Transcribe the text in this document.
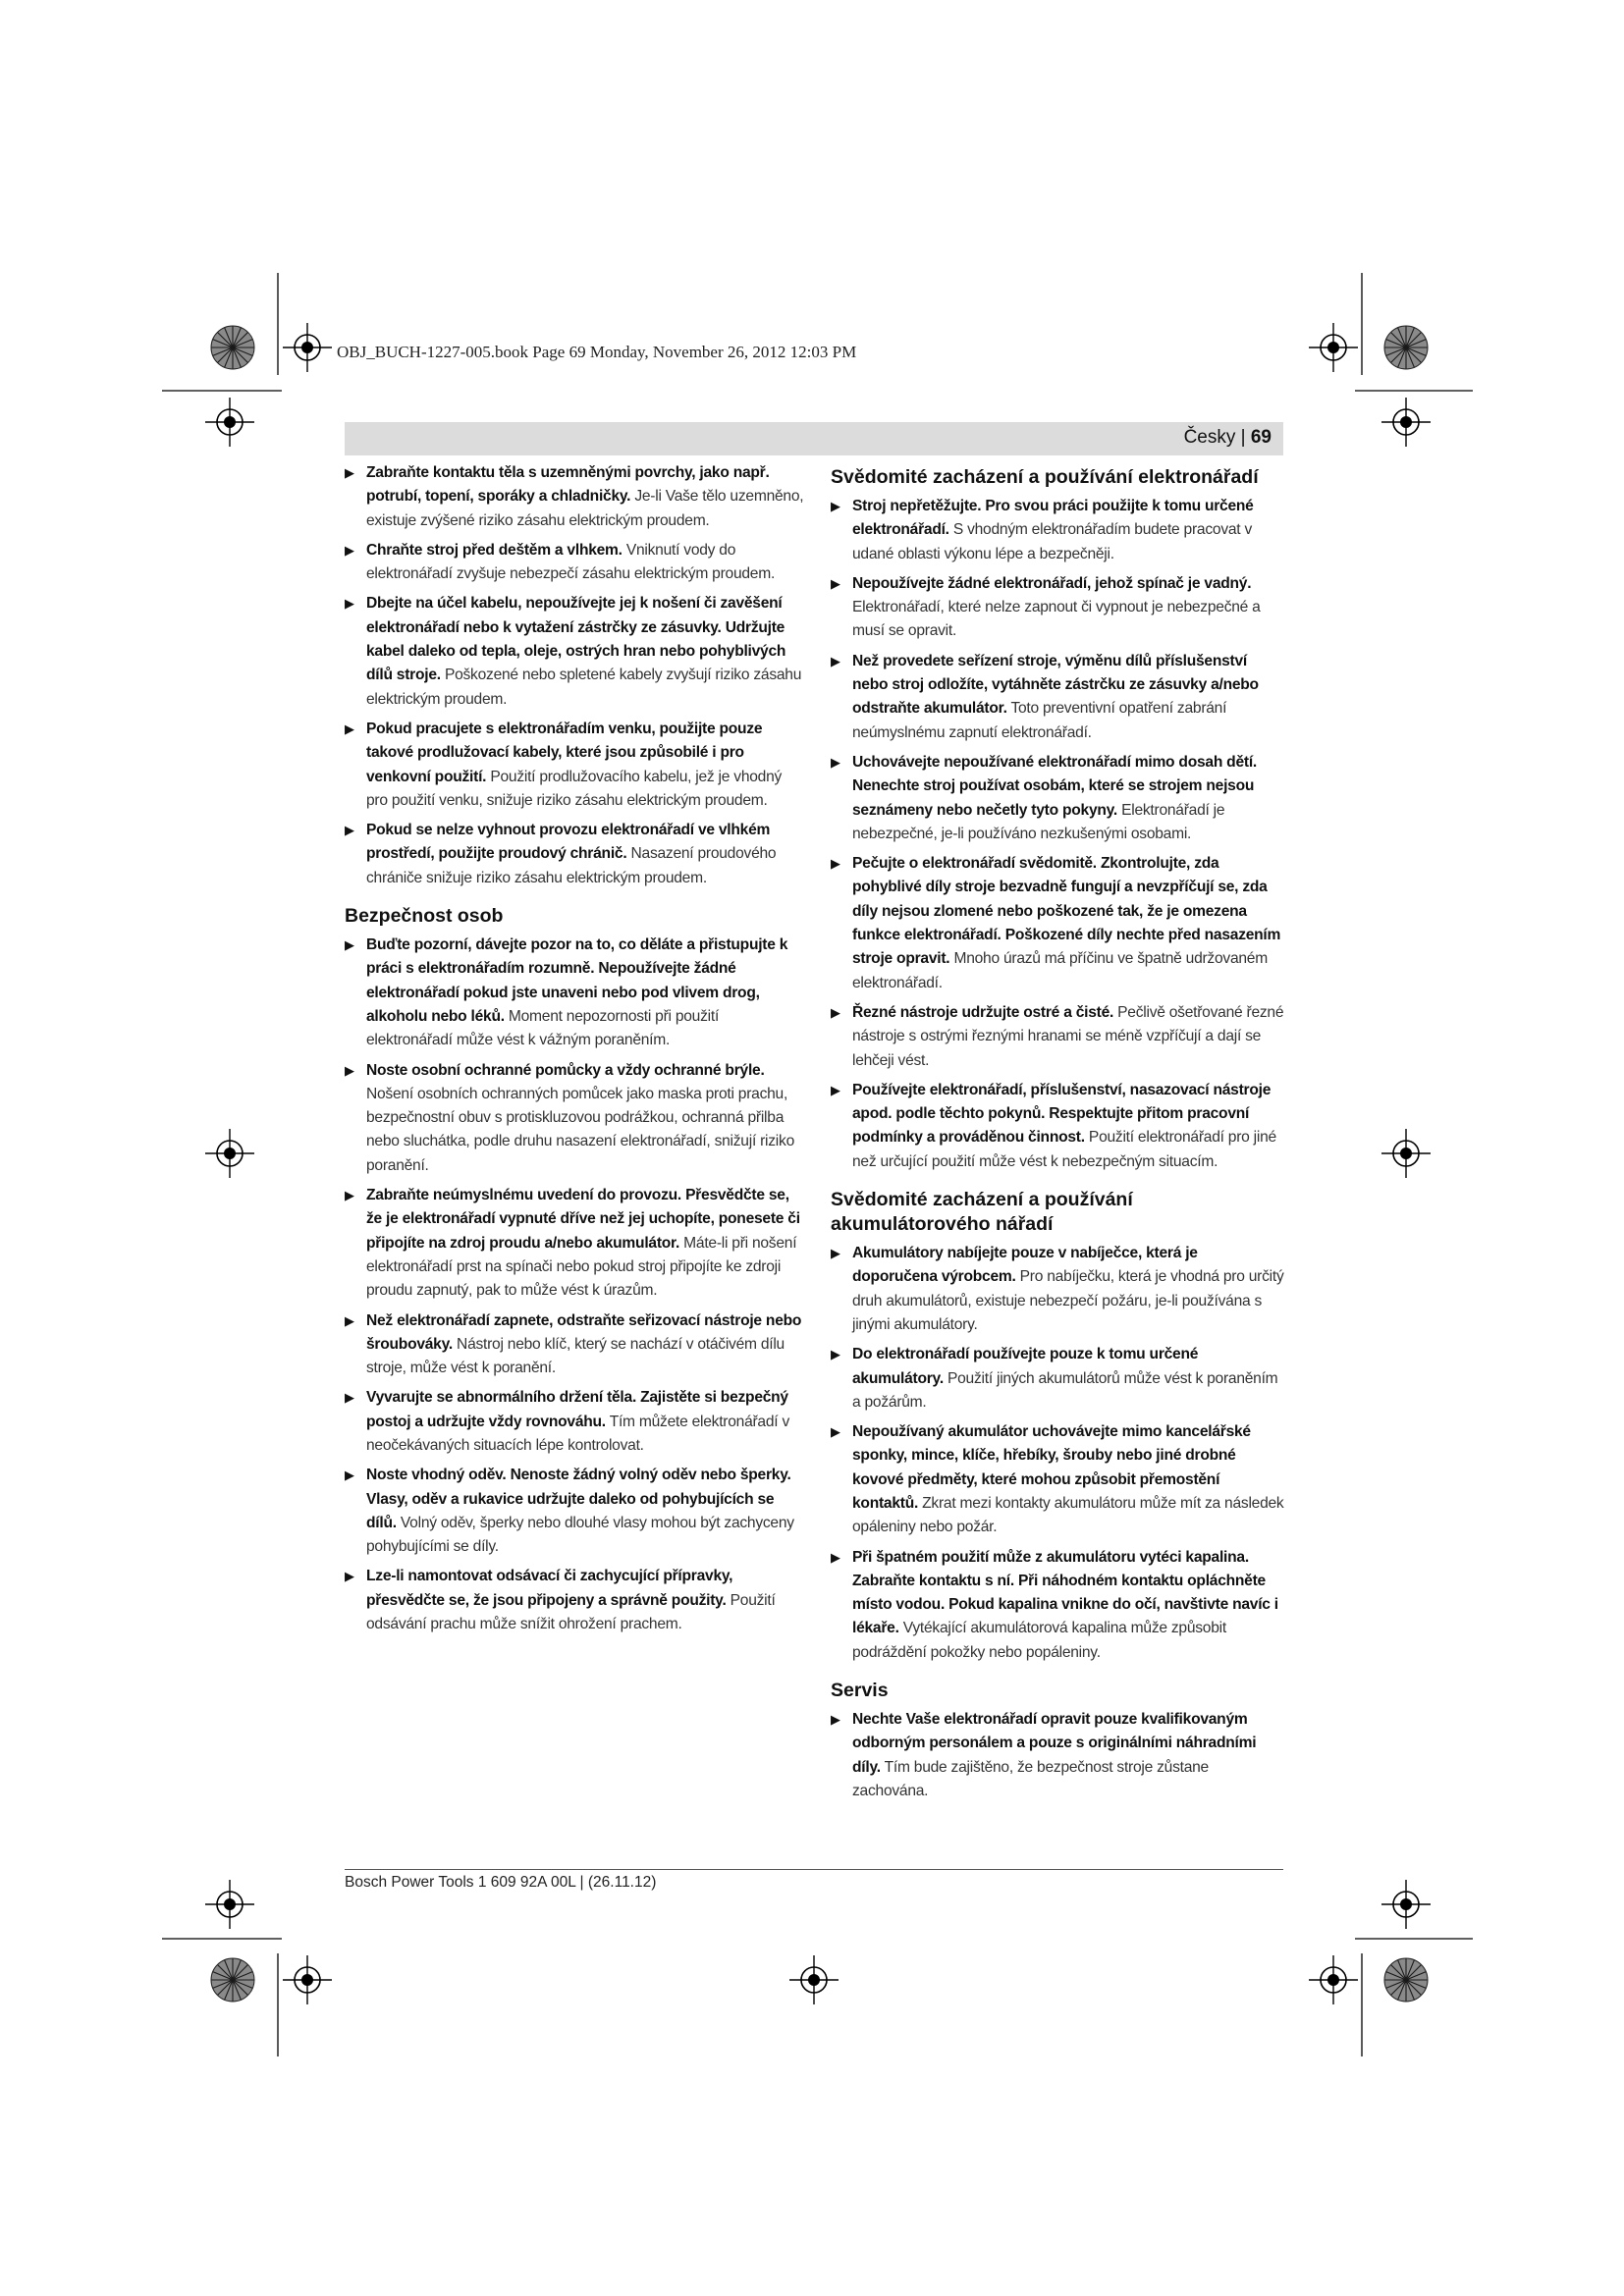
OBJ_BUCH-1227-005.book Page 69 Monday, November 26, 2012 12:03 PM
Česky | 69
▶ Zabraňte kontaktu těla s uzemněnými povrchy, jako např. potrubí, topení, sporáky a chladničky. Je-li Vaše tělo uzemněno, existuje zvýšené riziko zásahu elektrickým proudem.
▶ Chraňte stroj před deštěm a vlhkem. Vniknutí vody do elektronářadí zvyšuje nebezpečí zásahu elektrickým proudem.
▶ Dbejte na účel kabelu, nepoužívejte jej k nošení či zavěšení elektronářadí nebo k vytažení zástrčky ze zásuvky. Udržujte kabel daleko od tepla, oleje, ostrých hran nebo pohyblivých dílů stroje. Poškozené nebo spletené kabely zvyšují riziko zásahu elektrickým proudem.
▶ Pokud pracujete s elektronářadím venku, použijte pouze takové prodlužovací kabely, které jsou způsobilé i pro venkovní použití. Použití prodlužovacího kabelu, jež je vhodný pro použití venku, snižuje riziko zásahu elektrickým proudem.
▶ Pokud se nelze vyhnout provozu elektronářadí ve vlhkém prostředí, použijte proudový chránič. Nasazení proudového chrániče snižuje riziko zásahu elektrickým proudem.
Bezpečnost osob
▶ Buďte pozorní, dávejte pozor na to, co děláte a přistupujte k práci s elektronářadím rozumně. Nepoužívejte žádné elektronářadí pokud jste unaveni nebo pod vlivem drog, alkoholu nebo léků. Moment nepozornosti při použití elektronářadí může vést k vážným poraněním.
▶ Noste osobní ochranné pomůcky a vždy ochranné brýle. Nošení osobních ochranných pomůcek jako maska proti prachu, bezpečnostní obuv s protiskluzovou podrážkou, ochranná přilba nebo sluchátka, podle druhu nasazení elektronářadí, snižují riziko poranění.
▶ Zabraňte neúmyslnému uvedení do provozu. Přesvědčte se, že je elektronářadí vypnuté dříve než jej uchopíte, ponesete či připojíte na zdroj proudu a/nebo akumulátor. Máte-li při nošení elektronářadí prst na spínači nebo pokud stroj připojíte ke zdroji proudu zapnutý, pak to může vést k úrazům.
▶ Než elektronářadí zapnete, odstraňte seřizovací nástroje nebo šroubováky. Nástroj nebo klíč, který se nachází v otáčivém dílu stroje, může vést k poranění.
▶ Vyvarujte se abnormálního držení těla. Zajistěte si bezpečný postoj a udržujte vždy rovnováhu. Tím můžete elektronářadí v neočekávaných situacích lépe kontrolovat.
▶ Noste vhodný oděv. Nenoste žádný volný oděv nebo šperky. Vlasy, oděv a rukavice udržujte daleko od pohybujících se dílů. Volný oděv, šperky nebo dlouhé vlasy mohou být zachyceny pohybujícími se díly.
▶ Lze-li namontovat odsávací či zachycující přípravky, přesvědčte se, že jsou připojeny a správně použity. Použití odsávání prachu může snížit ohrožení prachem.
Svědomité zacházení a používání elektronářadí
▶ Stroj nepřetěžujte. Pro svou práci použijte k tomu určené elektronářadí. S vhodným elektronářadím budete pracovat v udané oblasti výkonu lépe a bezpečněji.
▶ Nepoužívejte žádné elektronářadí, jehož spínač je vadný. Elektronářadí, které nelze zapnout či vypnout je nebezpečné a musí se opravit.
▶ Než provedete seřízení stroje, výměnu dílů příslušenství nebo stroj odložíte, vytáhněte zástrčku ze zásuvky a/nebo odstraňte akumulátor. Toto preventivní opatření zabrání neúmyslnému zapnutí elektronářadí.
▶ Uchovávejte nepoužívané elektronářadí mimo dosah dětí. Nenechte stroj používat osobám, které se strojem nejsou seznámeny nebo nečetly tyto pokyny. Elektronářadí je nebezpečné, je-li používáno nezkušenými osobami.
▶ Pečujte o elektronářadí svědomitě. Zkontrolujte, zda pohyblivé díly stroje bezvadně fungují a nevzpříčují se, zda díly nejsou zlomené nebo poškozené tak, že je omezena funkce elektronářadí. Poškozené díly nechte před nasazením stroje opravit. Mnoho úrazů má příčinu ve špatně udržovaném elektronářadí.
▶ Řezné nástroje udržujte ostré a čisté. Pečlivě ošetřované řezné nástroje s ostrými řeznými hranami se méně vzpříčují a dají se lehčeji vést.
▶ Používejte elektronářadí, příslušenství, nasazovací nástroje apod. podle těchto pokynů. Respektujte přitom pracovní podmínky a prováděnou činnost. Použití elektronářadí pro jiné než určující použití může vést k nebezpečným situacím.
Svědomité zacházení a používání akumulátorového nářadí
▶ Akumulátory nabíjejte pouze v nabíječce, která je doporučena výrobcem. Pro nabíječku, která je vhodná pro určitý druh akumulátorů, existuje nebezpečí požáru, je-li používána s jinými akumulátory.
▶ Do elektronářadí používejte pouze k tomu určené akumulátory. Použití jiných akumulátorů může vést k poraněním a požárům.
▶ Nepoužívaný akumulátor uchovávejte mimo kancelářské sponky, mince, klíče, hřebíky, šrouby nebo jiné drobné kovové předměty, které mohou způsobit přemostění kontaktů. Zkrat mezi kontakty akumulátoru může mít za následek opáleniny nebo požár.
▶ Při špatném použití může z akumulátoru vytéci kapalina. Zabraňte kontaktu s ní. Při náhodném kontaktu opláchněte místo vodou. Pokud kapalina vnikne do očí, navštivte navíc i lékaře. Vytékající akumulátorová kapalina může způsobit podráždění pokožky nebo popáleniny.
Servis
▶ Nechte Vaše elektronářadí opravit pouze kvalifikovaným odborným personálem a pouze s originálními náhradními díly. Tím bude zajištěno, že bezpečnost stroje zůstane zachována.
Bosch Power Tools 1 609 92A 00L | (26.11.12)
